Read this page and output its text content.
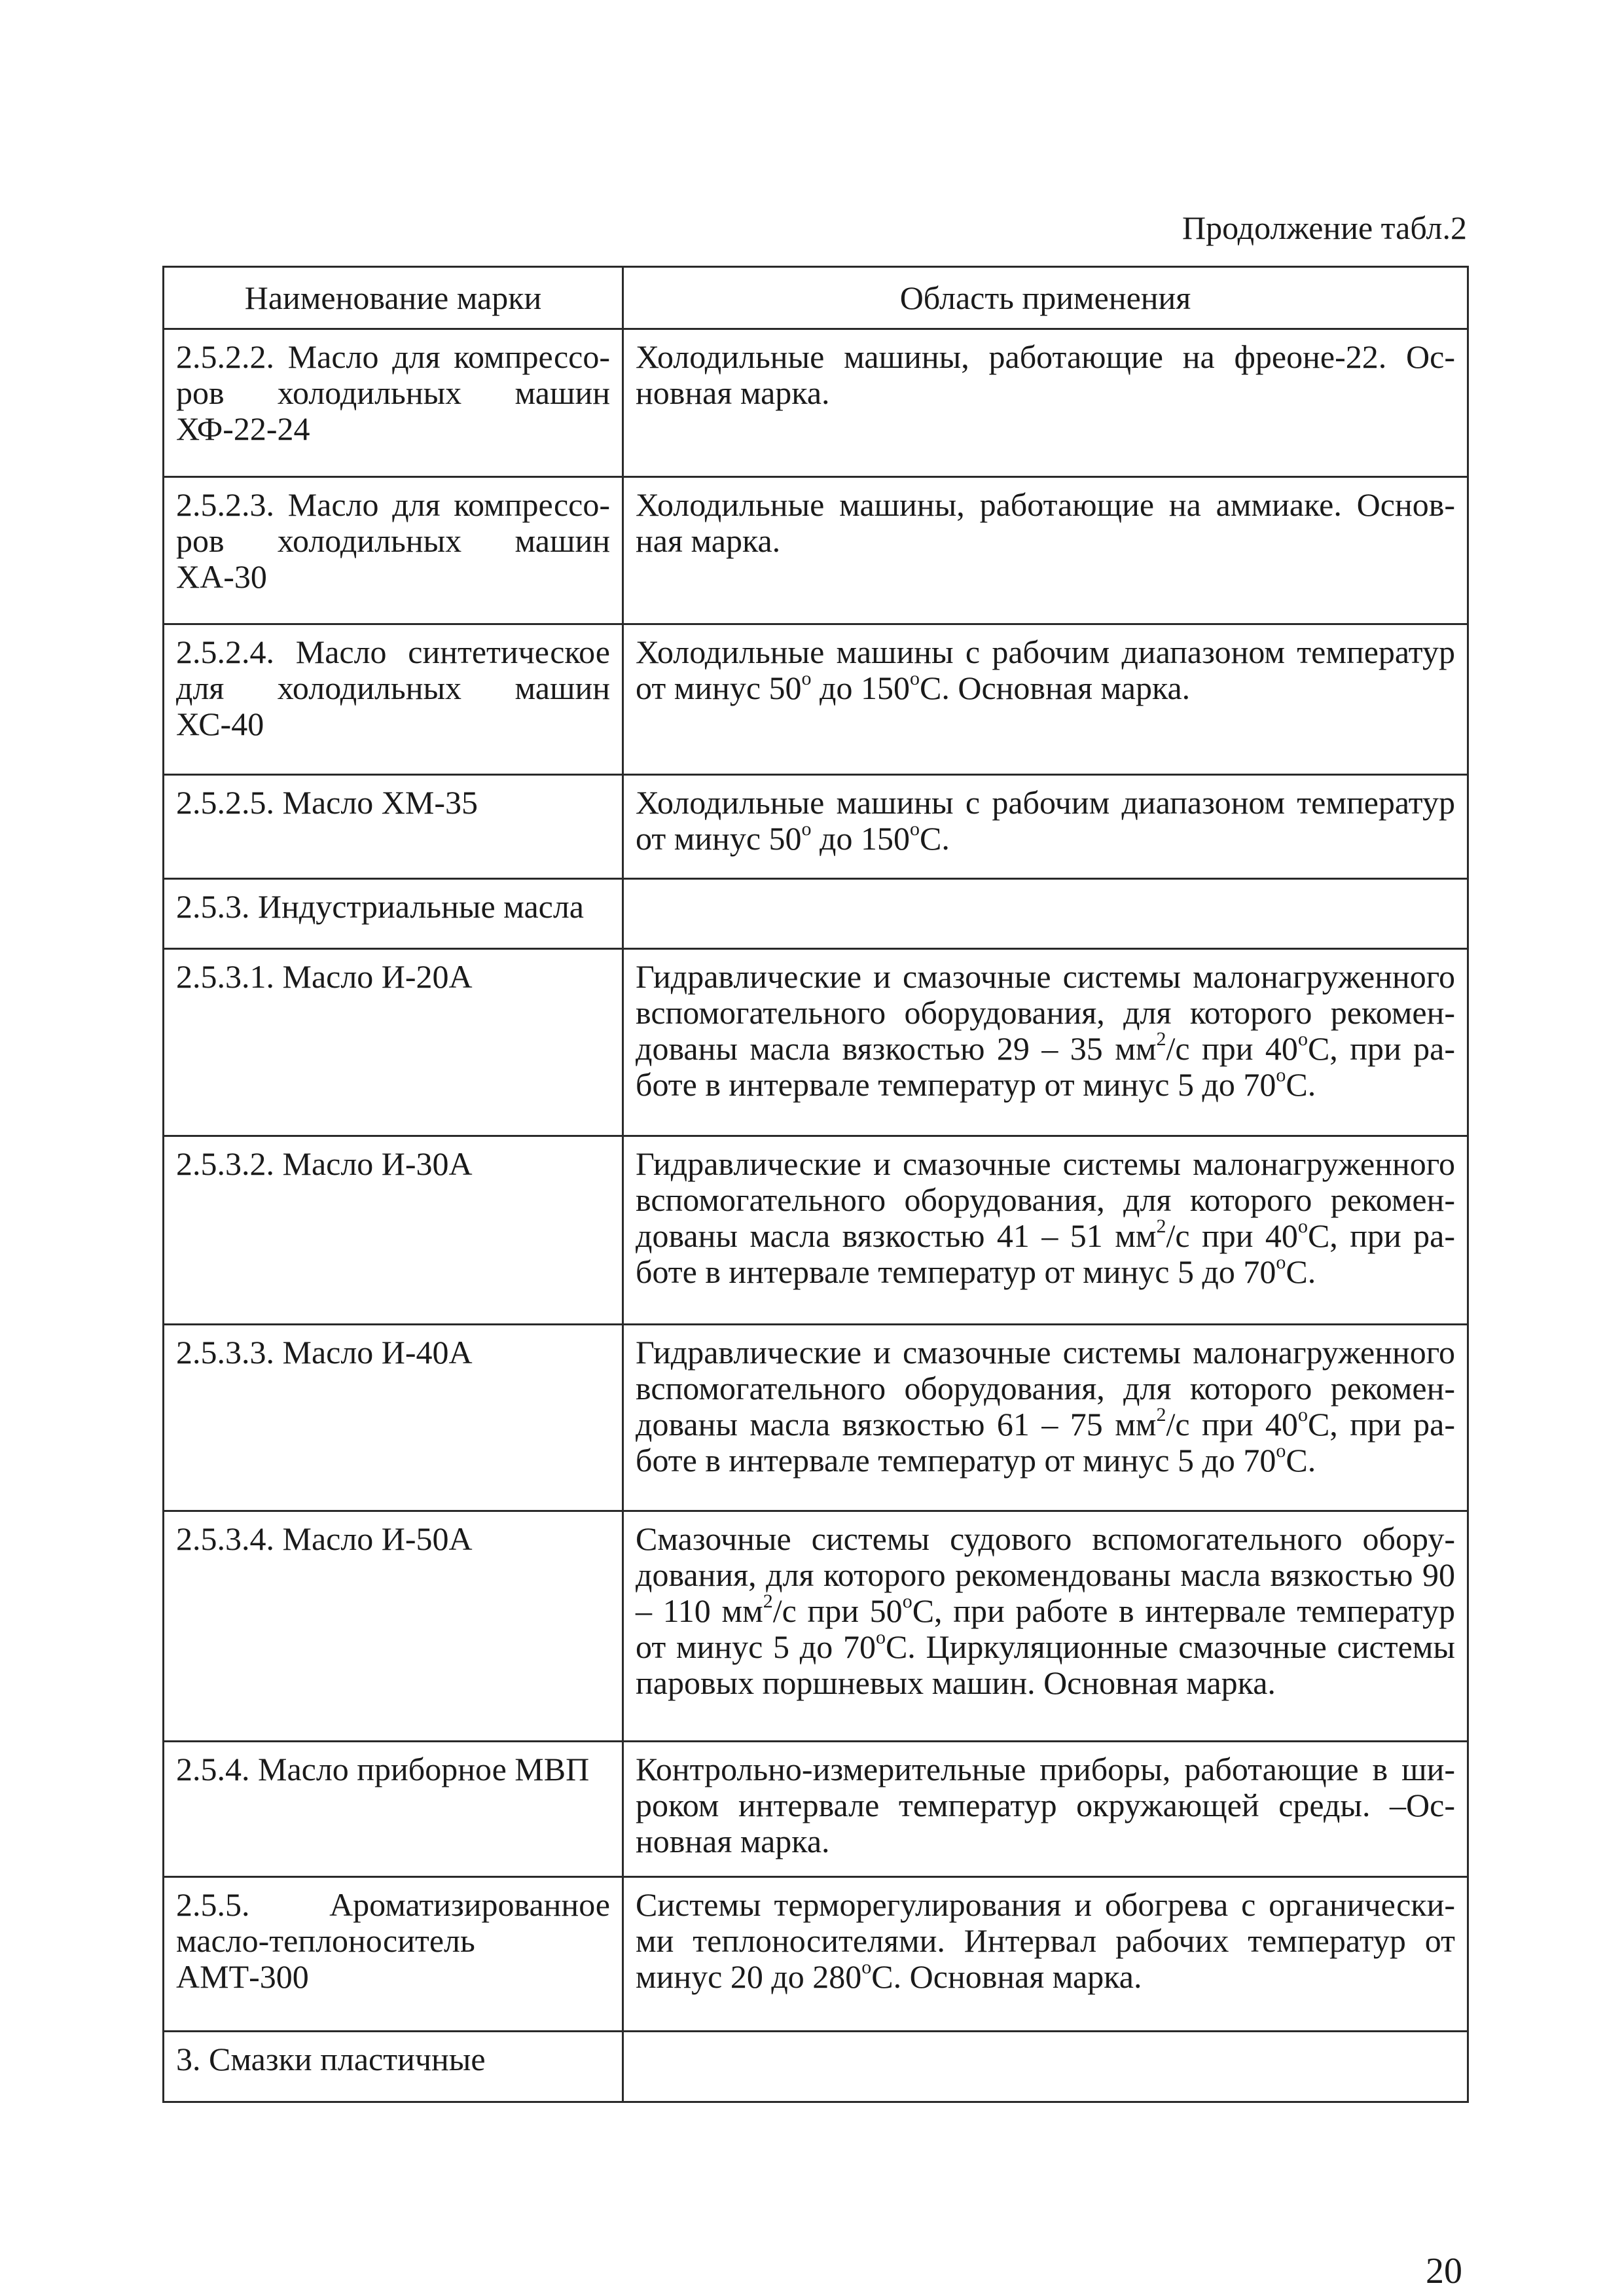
Продолжение табл.2
Наименование марки	Область применения

2.5.2.2. Масло для компрессоров холодильных машин ХФ-22-24	Холодильные машины, работающие на фреоне-22. Основная марка.

2.5.2.3. Масло для компрессоров холодильных машин ХА-30	Холодильные машины, работающие на аммиаке. Основная марка.

2.5.2.4. Масло синтетическое для холодильных машин ХС-40	Холодильные машины с рабочим диапазоном температур от минус 50$^o$ до 150$^o$С. Основная марка.

2.5.2.5. Масло ХМ-35	Холодильные машины с рабочим диапазоном температур от минус 50$^o$ до 150$^o$С.

2.5.3. Индустриальные масла	

2.5.3.1. Масло И-20А	Гидравлические и смазочные системы малонагруженного вспомогательного оборудования, для которого рекомендованы масла вязкостью 29 – 35 $мм^2/с$ при 40$^o$С, при работе в интервале температур от минус 5 до 70$^o$С.

2.5.3.2. Масло И-30А	Гидравлические и смазочные системы малонагруженного вспомогательного оборудования, для которого рекомендованы масла вязкостью 41 – 51 $мм^2/с$ при 40$^o$С, при работе в интервале температур от минус 5 до 70$^o$С.

2.5.3.3. Масло И-40А	Гидравлические и смазочные системы малонагруженного вспомогательного оборудования, для которого рекомендованы масла вязкостью 61 – 75 $мм^2/с$ при 40$^o$С, при работе в интервале температур от минус 5 до 70$^o$С.

2.5.3.4. Масло И-50А	Смазочные системы судового вспомогательного оборудования, для которого рекомендованы масла вязкостью 90 – 110 $мм^2/с$ при 50$^o$С, при работе в интервале температур от минус 5 до 70$^o$С. Циркуляционные смазочные системы паровых поршневых машин. Основная марка.

2.5.4. Масло приборное МВП	Контрольно-измерительные приборы, работающие в широком интервале температур окружающей среды. –Основная марка.

2.5.5. Ароматизированное масло-теплоноситель АМТ-300	Системы терморегулирования и обогрева с органическими теплоносителями. Интервал рабочих температур от минус 20 до 280$^o$С. Основная марка.

3. Смазки пластичные	

20
